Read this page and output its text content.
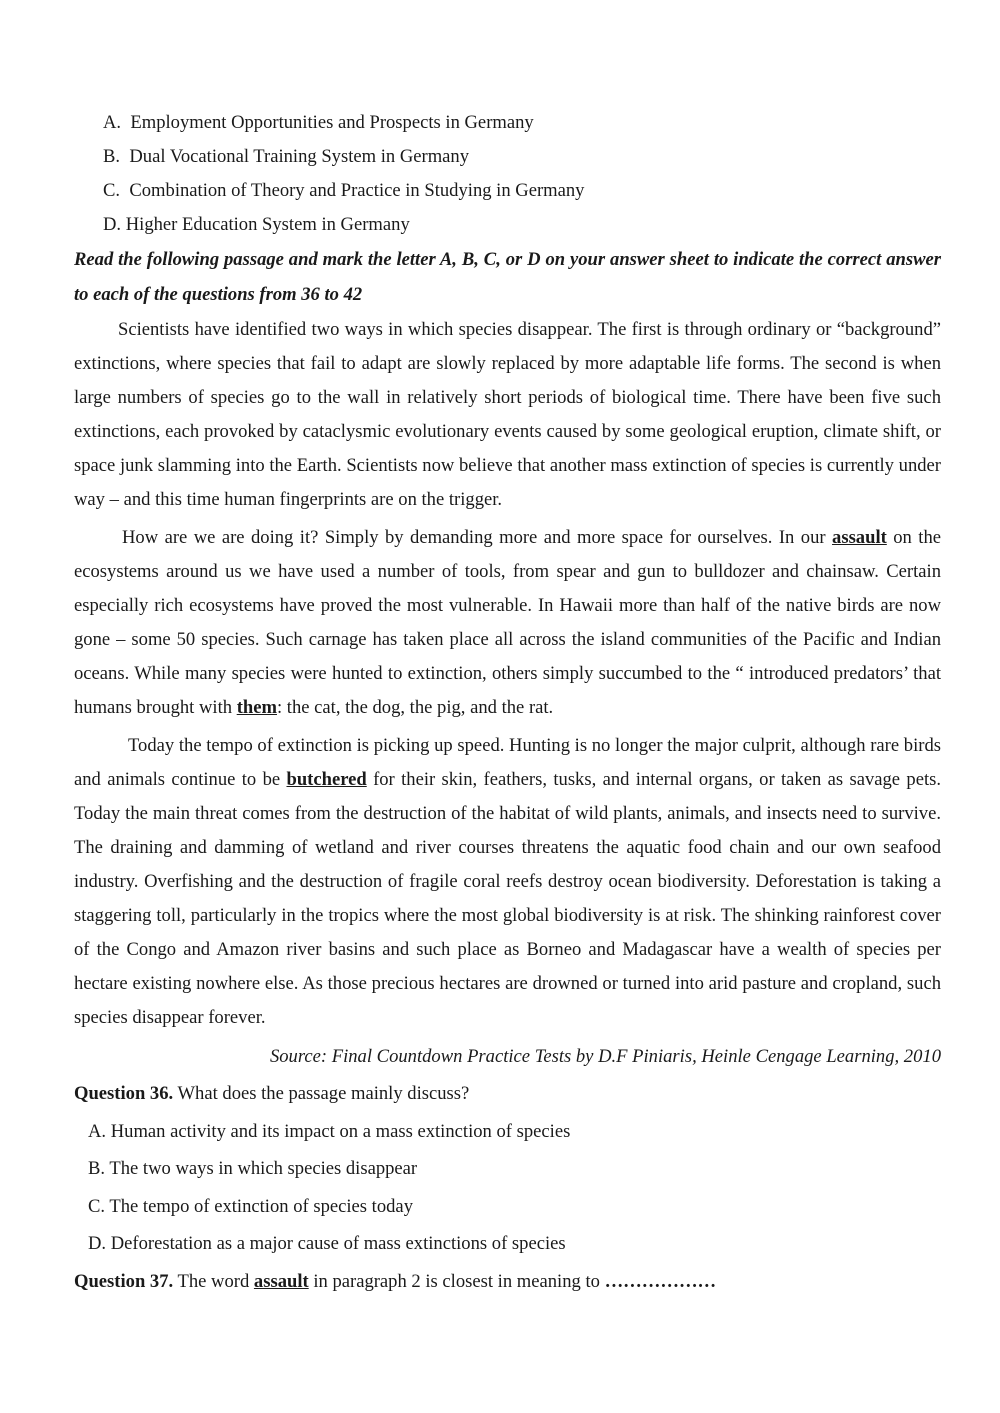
A. Employment Opportunities and Prospects in Germany
B. Dual Vocational Training System in Germany
C. Combination of Theory and Practice in Studying in Germany
D. Higher Education System in Germany
Read the following passage and mark the letter A, B, C, or D on your answer sheet to indicate the correct answer to each of the questions from 36 to 42

Scientists have identified two ways in which species disappear. The first is through ordinary or “background” extinctions, where species that fail to adapt are slowly replaced by more adaptable life forms. The second is when large numbers of species go to the wall in relatively short periods of biological time. There have been five such extinctions, each provoked by cataclysmic evolutionary events caused by some geological eruption, climate shift, or space junk slamming into the Earth. Scientists now believe that another mass extinction of species is currently under way – and this time human fingerprints are on the trigger.

How are we are doing it? Simply by demanding more and more space for ourselves. In our assault on the ecosystems around us we have used a number of tools, from spear and gun to bulldozer and chainsaw. Certain especially rich ecosystems have proved the most vulnerable. In Hawaii more than half of the native birds are now gone – some 50 species. Such carnage has taken place all across the island communities of the Pacific and Indian oceans. While many species were hunted to extinction, others simply succumbed to the “ introduced predators’ that humans brought with them: the cat, the dog, the pig, and the rat.

Today the tempo of extinction is picking up speed. Hunting is no longer the major culprit, although rare birds and animals continue to be butchered for their skin, feathers, tusks, and internal organs, or taken as savage pets. Today the main threat comes from the destruction of the habitat of wild plants, animals, and insects need to survive. The draining and damming of wetland and river courses threatens the aquatic food chain and our own seafood industry. Overfishing and the destruction of fragile coral reefs destroy ocean biodiversity. Deforestation is taking a staggering toll, particularly in the tropics where the most global biodiversity is at risk. The shinking rainforest cover of the Congo and Amazon river basins and such place as Borneo and Madagascar have a wealth of species per hectare existing nowhere else. As those precious hectares are drowned or turned into arid pasture and cropland, such species disappear forever.

Source: Final Countdown Practice Tests by D.F Piniaris, Heinle Cengage Learning, 2010
Question 36. What does the passage mainly discuss?
A. Human activity and its impact on a mass extinction of species
B. The two ways in which species disappear
C. The tempo of extinction of species today
D. Deforestation as a major cause of mass extinctions of species
Question 37. The word assault in paragraph 2 is closest in meaning to ………………
